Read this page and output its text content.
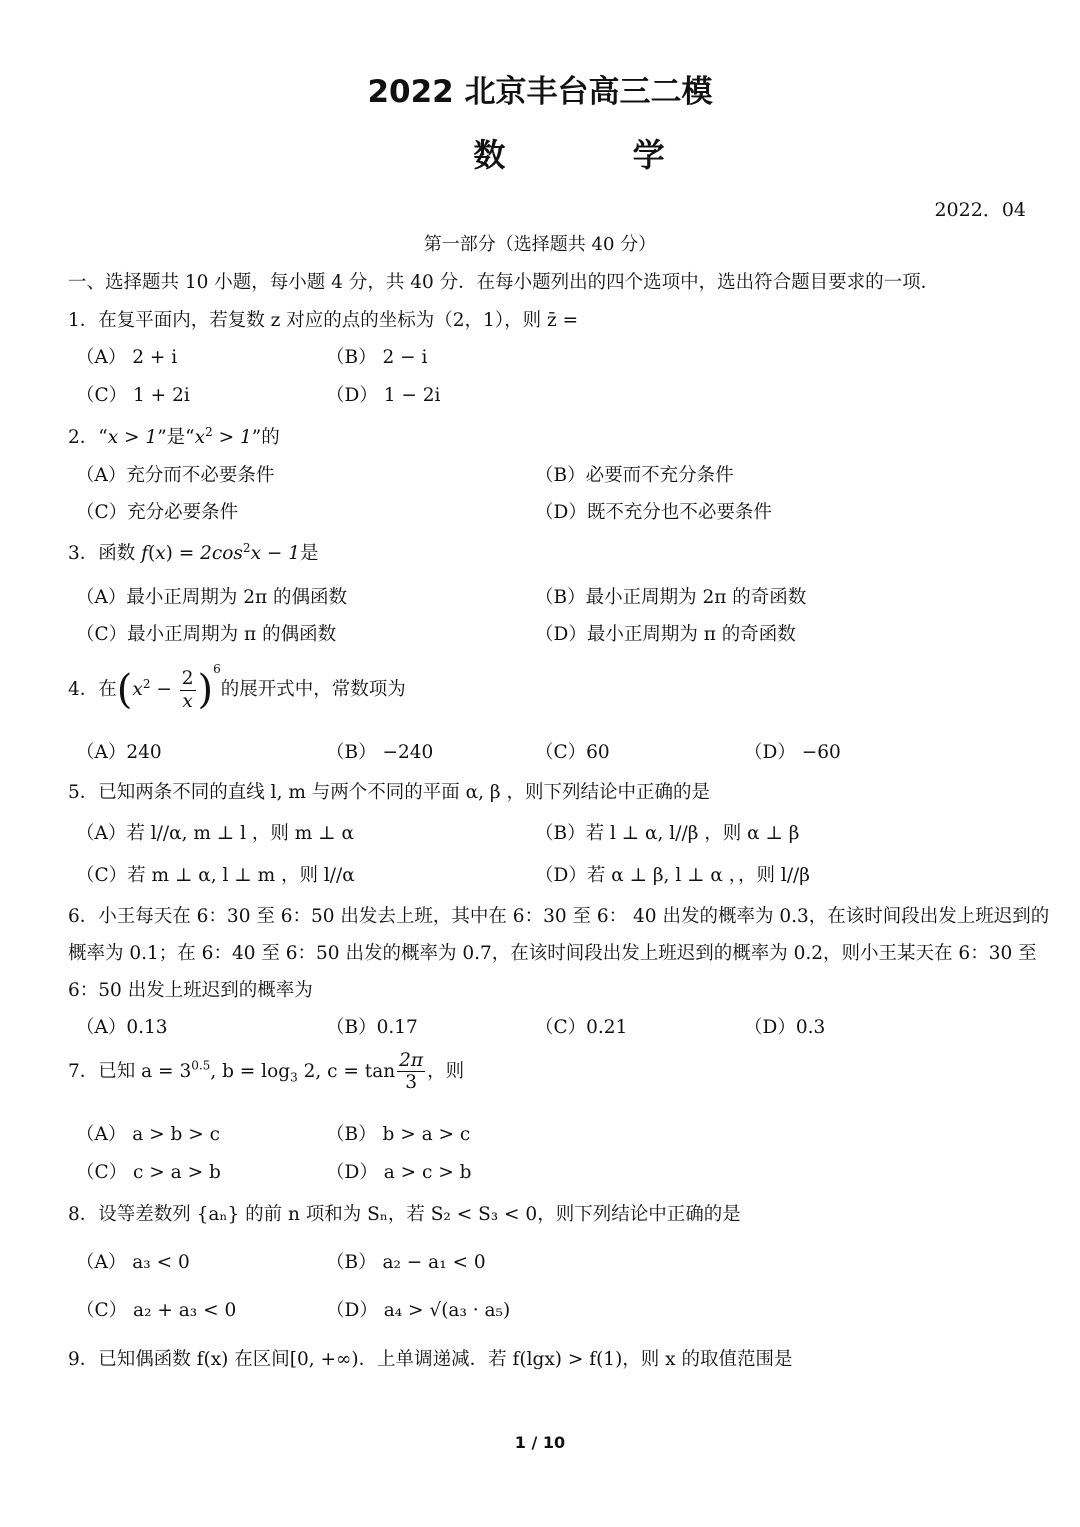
2022 北京丰台高三二模
数 学
2022．04
第一部分（选择题共 40 分）
一、选择题共 10 小题，每小题 4 分，共 40 分．在每小题列出的四个选项中，选出符合题目要求的一项．
1．在复平面内，若复数 z 对应的点的坐标为（2，1），则 z̄ =
（A） 2 + i	（B） 2 − i
（C） 1 + 2i	（D） 1 − 2i
2．“x > 1”是“$x^2 > 1$”的
（A）充分而不必要条件	（B）必要而不充分条件
（C）充分必要条件	（D）既不充分也不必要条件
3．函数 $f(x) = 2\cos^2x - 1$是
（A）最小正周期为 2π 的偶函数	（B）最小正周期为 2π 的奇函数
（C）最小正周期为 π 的偶函数	（D）最小正周期为 π 的奇函数
4．在$(x^2 - \frac{2}{x} )^6$的展开式中，常数项为
（A）240	（B） −240	（C）60	（D） −60
5．已知两条不同的直线 l, m 与两个不同的平面 α, β ，则下列结论中正确的是
（A）若 l//α, m ⊥ l ，则 m ⊥ α	（B）若 l ⊥ α, l//β ，则 α ⊥ β
（C）若 m ⊥ α, l ⊥ m ，则 l//α	（D）若 α ⊥ β, l ⊥ α ，，则 l//β
6．小王每天在 6：30 至 6：50 出发去上班，其中在 6：30 至 6： 40 出发的概率为 0.3，在该时间段出发上班迟到的
概率为 0.1；在 6：40 至 6：50 出发的概率为 0.7，在该时间段出发上班迟到的概率为 0.2，则小王某天在 6：30 至
6：50 出发上班迟到的概率为
（A）0.13	（B）0.17	（C）0.21	（D）0.3
7．已知 $a = 3^{0.5}$, $b = \log_3 2$, $c = \tan \frac{2\pi}{3}$ ，则
（A） a > b > c	（B） b > a > c
（C） c > a > b	（D） a > c > b
8．设等差数列 {aₙ} 的前 n 项和为 Sₙ，若 S₂ < S₃ < 0，则下列结论中正确的是
（A） a₃ < 0	（B） a₂ − a₁ < 0
（C） a₂ + a₃ < 0	（D） a₄ > √(a₃ · a₅)
9．已知偶函数 f(x) 在区间[0, +∞)．上单调递减．若 f(lgx) > f(1)，则 x 的取值范围是
1 / 10
